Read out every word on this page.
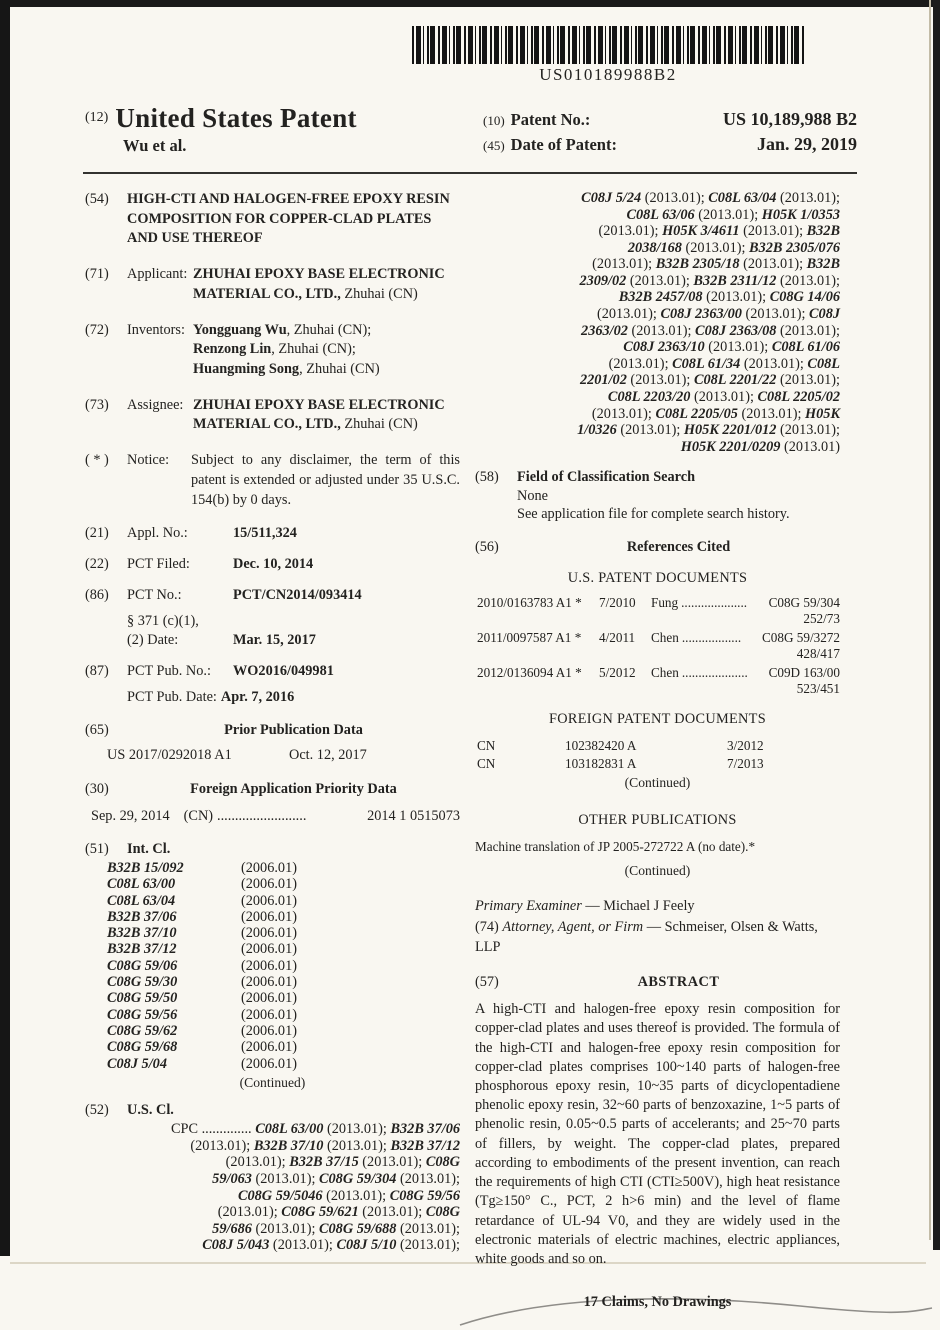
US010189988B2
(12) United States Patent
Wu et al.
(10) Patent No.:	US 10,189,988 B2
(45) Date of Patent:	Jan. 29, 2019
(54)	HIGH-CTI AND HALOGEN-FREE EPOXY RESIN COMPOSITION FOR COPPER-CLAD PLATES AND USE THEREOF
(71)	Applicant: ZHUHAI EPOXY BASE ELECTRONIC MATERIAL CO., LTD., Zhuhai (CN)
(72)	Inventors: Yongguang Wu, Zhuhai (CN);
Renzong Lin, Zhuhai (CN);
Huangming Song, Zhuhai (CN)
(73)	Assignee: ZHUHAI EPOXY BASE ELECTRONIC MATERIAL CO., LTD., Zhuhai (CN)
( * )	Notice:	Subject to any disclaimer, the term of this patent is extended or adjusted under 35 U.S.C. 154(b) by 0 days.
(21)	Appl. No.:	15/511,324
(22)	PCT Filed:	Dec. 10, 2014
(86)	PCT No.:	PCT/CN2014/093414
§ 371 (c)(1),
(2) Date:	Mar. 15, 2017
(87)	PCT Pub. No.:	WO2016/049981
PCT Pub. Date: Apr. 7, 2016
(65)	Prior Publication Data
US 2017/0292018 A1	Oct. 12, 2017
(30)	Foreign Application Priority Data
Sep. 29, 2014 (CN) .........................	2014 1 0515073
(51)	Int. Cl.
B32B 15/092	(2006.01)
C08L 63/00	(2006.01)
C08L 63/04	(2006.01)
B32B 37/06	(2006.01)
B32B 37/10	(2006.01)
B32B 37/12	(2006.01)
C08G 59/06	(2006.01)
C08G 59/30	(2006.01)
C08G 59/50	(2006.01)
C08G 59/56	(2006.01)
C08G 59/62	(2006.01)
C08G 59/68	(2006.01)
C08J 5/04	(2006.01)
(Continued)
(52)	U.S. Cl.
CPC .............. C08L 63/00 (2013.01); B32B 37/06
(2013.01); B32B 37/10 (2013.01); B32B 37/12
(2013.01); B32B 37/15 (2013.01); C08G
59/063 (2013.01); C08G 59/304 (2013.01);
C08G 59/5046 (2013.01); C08G 59/56
(2013.01); C08G 59/621 (2013.01); C08G
59/686 (2013.01); C08G 59/688 (2013.01);
C08J 5/043 (2013.01); C08J 5/10 (2013.01);
C08J 5/24 (2013.01); C08L 63/04 (2013.01);
C08L 63/06 (2013.01); H05K 1/0353
(2013.01); H05K 3/4611 (2013.01); B32B
2038/168 (2013.01); B32B 2305/076
(2013.01); B32B 2305/18 (2013.01); B32B
2309/02 (2013.01); B32B 2311/12 (2013.01);
B32B 2457/08 (2013.01); C08G 14/06
(2013.01); C08J 2363/00 (2013.01); C08J
2363/02 (2013.01); C08J 2363/08 (2013.01);
C08J 2363/10 (2013.01); C08L 61/06
(2013.01); C08L 61/34 (2013.01); C08L
2201/02 (2013.01); C08L 2201/22 (2013.01);
C08L 2203/20 (2013.01); C08L 2205/02
(2013.01); C08L 2205/05 (2013.01); H05K
1/0326 (2013.01); H05K 2201/012 (2013.01);
H05K 2201/0209 (2013.01)
(58)	Field of Classification Search
None
See application file for complete search history.
(56)	References Cited
U.S. PATENT DOCUMENTS
2010/0163783 A1 *	7/2010	Fung ....................	C08G 59/304
252/73
2011/0097587 A1 *	4/2011	Chen ..................	C08G 59/3272
428/417
2012/0136094 A1 *	5/2012	Chen ....................	C09D 163/00
523/451
FOREIGN PATENT DOCUMENTS
CN	102382420 A	3/2012
CN	103182831 A	7/2013
(Continued)
OTHER PUBLICATIONS
Machine translation of JP 2005-272722 A (no date).*
(Continued)
Primary Examiner — Michael J Feely
(74) Attorney, Agent, or Firm — Schmeiser, Olsen & Watts, LLP
(57)	ABSTRACT
A high-CTI and halogen-free epoxy resin composition for copper-clad plates and uses thereof is provided. The formula of the high-CTI and halogen-free epoxy resin composition for copper-clad plates comprises 100~140 parts of halogen-free phosphorous epoxy resin, 10~35 parts of dicyclopentadiene phenolic epoxy resin, 32~60 parts of benzoxazine, 1~5 parts of phenolic resin, 0.05~0.5 parts of accelerants; and 25~70 parts of fillers, by weight. The copper-clad plates, prepared according to embodiments of the present invention, can reach the requirements of high CTI (CTI≥500V), high heat resistance (Tg≥150° C., PCT, 2 h>6 min) and the level of flame retardance of UL-94 V0, and they are widely used in the electronic materials of electric machines, electric appliances, white goods and so on.
17 Claims, No Drawings
